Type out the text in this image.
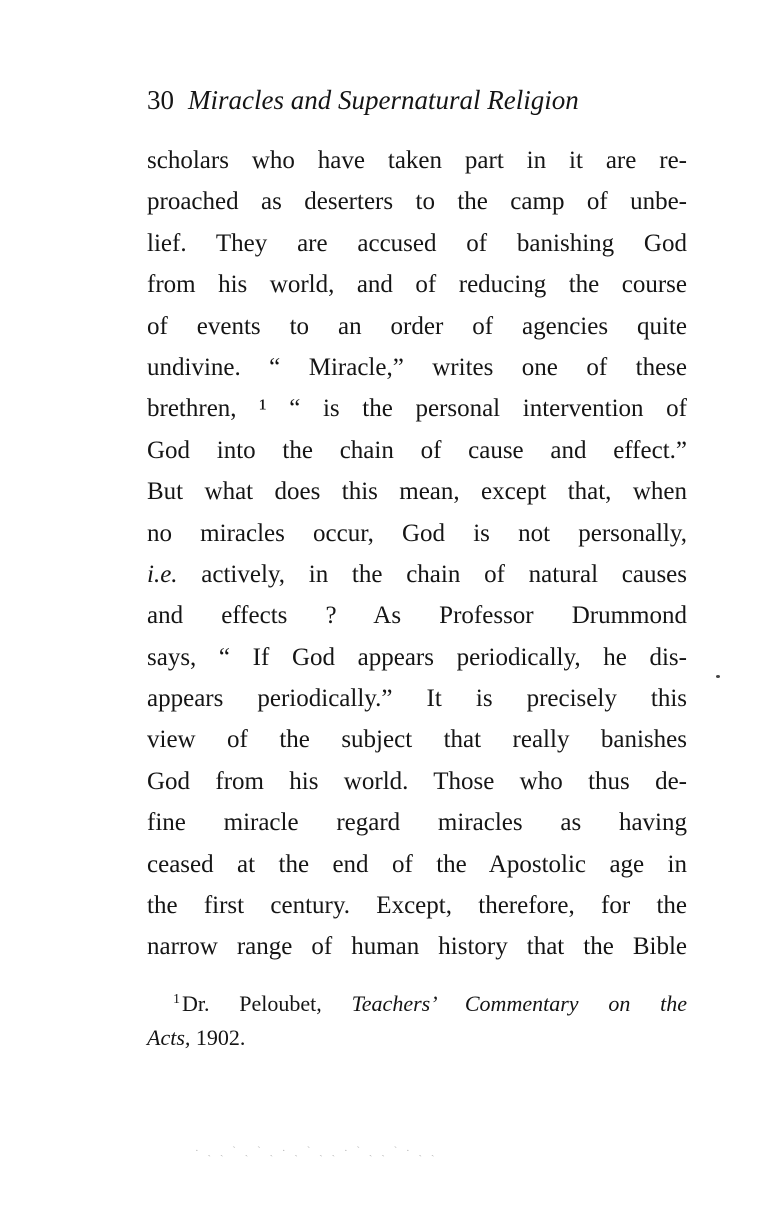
30 Miracles and Supernatural Religion
scholars who have taken part in it are re-
proached as deserters to the camp of unbe-
lief. They are accused of banishing God
from his world, and of reducing the course
of events to an order of agencies quite
undivine. “ Miracle,” writes one of these
brethren, ¹ “ is the personal intervention of
God into the chain of cause and effect.”
But what does this mean, except that, when
no miracles occur, God is not personally,
i.e. actively, in the chain of natural causes
and effects ? As Professor Drummond
says, “ If God appears periodically, he dis-
appears periodically.” It is precisely this
view of the subject that really banishes
God from his world. Those who thus de-
fine miracle regard miracles as having
ceased at the end of the Apostolic age in
the first century. Except, therefore, for the
narrow range of human history that the Bible
$^1$Dr. Peloubet, Teachers’ Commentary on the
Acts, 1902.
· ˏ ˎ ˋ ˏ ˋ ˎ · ˏ ˋ ˎ ˏ · ˋ ˎ ˏ ˋ · ˎ ˏ
